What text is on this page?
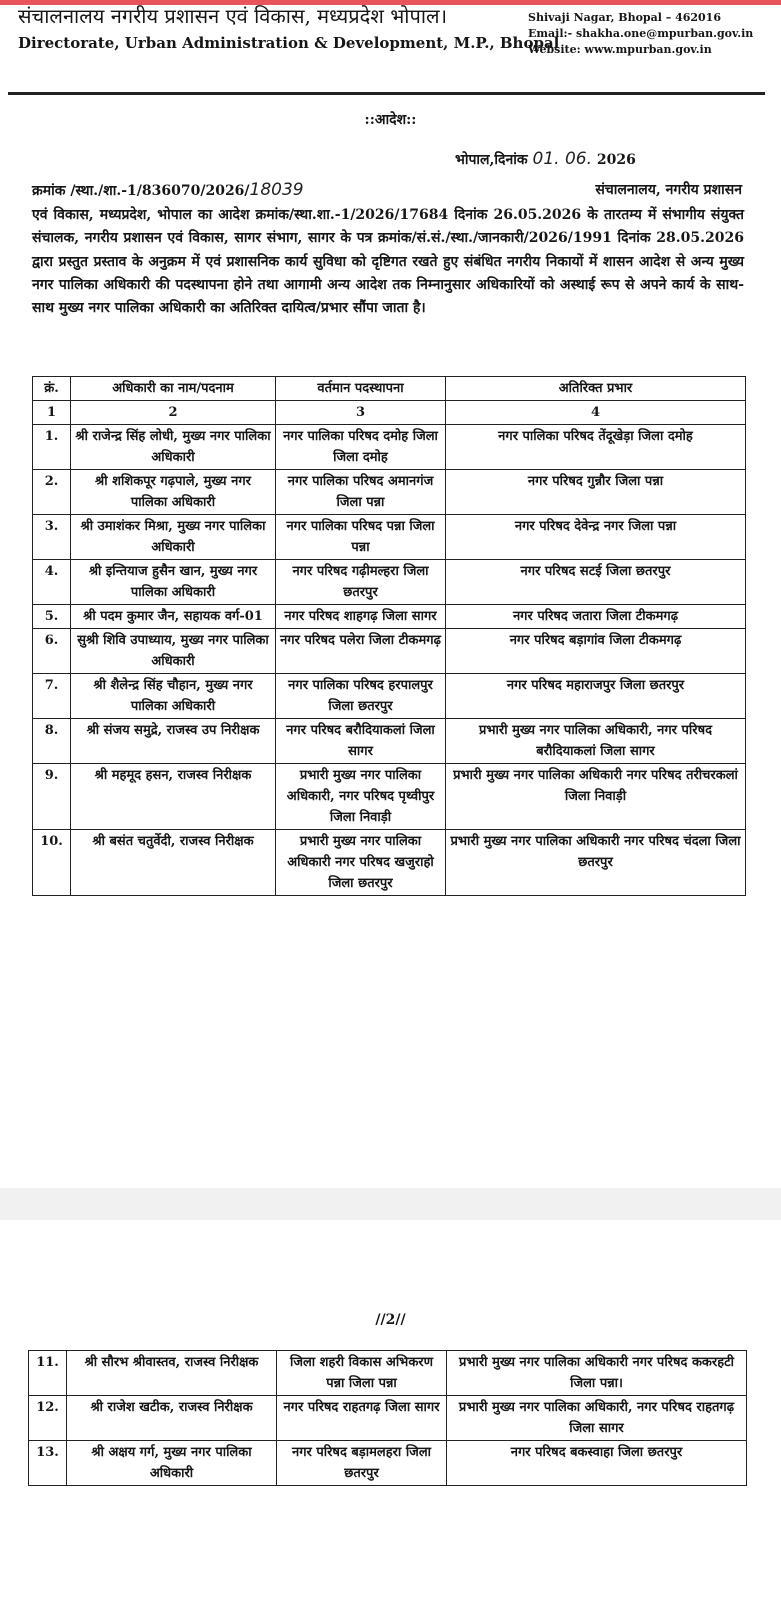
संचालनालय नगरीय प्रशासन एवं विकास, मध्यप्रदेश भोपाल।
Directorate, Urban Administration & Development, M.P., Bhopal
Shivaji Nagar, Bhopal – 462016
Email:- shakha.one@mpurban.gov.in
Website: www.mpurban.gov.in
::आदेश::
भोपाल,दिनांक 01. 06. 2026
क्रमांक /स्था./शा.-1/836070/2026/18039	संचालनालय, नगरीय प्रशासन
एवं विकास, मध्यप्रदेश, भोपाल का आदेश क्रमांक/स्था.शा.-1/2026/17684 दिनांक 26.05.2026 के तारतम्य में संभागीय संयुक्त संचालक, नगरीय प्रशासन एवं विकास, सागर संभाग, सागर के पत्र क्रमांक/सं.सं./स्था./जानकारी/2026/1991 दिनांक 28.05.2026 द्वारा प्रस्तुत प्रस्ताव के अनुक्रम में एवं प्रशासनिक कार्य सुविधा को दृष्टिगत रखते हुए संबंधित नगरीय निकायों में शासन आदेश से अन्य मुख्य नगर पालिका अधिकारी की पदस्थापना होने तथा आगामी अन्य आदेश तक निम्नानुसार अधिकारियों को अस्थाई रूप से अपने कार्य के साथ-साथ मुख्य नगर पालिका अधिकारी का अतिरिक्त दायित्व/प्रभार सौंपा जाता है।
क्रं.	अधिकारी का नाम/पदनाम	वर्तमान पदस्थापना	अतिरिक्त प्रभार
1	2	3	4
1.	श्री राजेन्द्र सिंह लोधी, मुख्य नगर पालिका अधिकारी	नगर पालिका परिषद दमोह जिला जिला दमोह	नगर पालिका परिषद तेंदूखेड़ा जिला दमोह
2.	श्री शशिकपूर गढ़पाले, मुख्य नगर पालिका अधिकारी	नगर पालिका परिषद अमानगंज जिला पन्ना	नगर परिषद गुन्नौर जिला पन्ना
3.	श्री उमाशंकर मिश्रा, मुख्य नगर पालिका अधिकारी	नगर पालिका परिषद पन्ना जिला पन्ना	नगर परिषद देवेन्द्र नगर जिला पन्ना
4.	श्री इन्तियाज हुसैन खान, मुख्य नगर पालिका अधिकारी	नगर परिषद गढ़ीमल्हरा जिला छतरपुर	नगर परिषद सटई जिला छतरपुर
5.	श्री पदम कुमार जैन, सहायक वर्ग-01	नगर परिषद शाहगढ़ जिला सागर	नगर परिषद जतारा जिला टीकमगढ़
6.	सुश्री शिवि उपाध्याय, मुख्य नगर पालिका अधिकारी	नगर परिषद पलेरा जिला टीकमगढ़	नगर परिषद बड़ागांव जिला टीकमगढ़
7.	श्री शैलेन्द्र सिंह चौहान, मुख्य नगर पालिका अधिकारी	नगर पालिका परिषद हरपालपुर जिला छतरपुर	नगर परिषद महाराजपुर जिला छतरपुर
8.	श्री संजय समुद्रे, राजस्व उप निरीक्षक	नगर परिषद बरौदियाकलां जिला सागर	प्रभारी मुख्य नगर पालिका अधिकारी, नगर परिषद बरौदियाकलां जिला सागर
9.	श्री महमूद हसन, राजस्व निरीक्षक	प्रभारी मुख्य नगर पालिका अधिकारी, नगर परिषद पृथ्वीपुर जिला निवाड़ी	प्रभारी मुख्य नगर पालिका अधिकारी नगर परिषद तरीचरकलां जिला निवाड़ी
10.	श्री बसंत चतुर्वेदी, राजस्व निरीक्षक	प्रभारी मुख्य नगर पालिका अधिकारी नगर परिषद खजुराहो जिला छतरपुर	प्रभारी मुख्य नगर पालिका अधिकारी नगर परिषद चंदला जिला छतरपुर
//2//
11.	श्री सौरभ श्रीवास्तव, राजस्व निरीक्षक	जिला शहरी विकास अभिकरण पन्ना जिला पन्ना	प्रभारी मुख्य नगर पालिका अधिकारी नगर परिषद ककरहटी जिला पन्ना।
12.	श्री राजेश खटीक, राजस्व निरीक्षक	नगर परिषद राहतगढ़ जिला सागर	प्रभारी मुख्य नगर पालिका अधिकारी, नगर परिषद राहतगढ़ जिला सागर
13.	श्री अक्षय गर्ग, मुख्य नगर पालिका अधिकारी	नगर परिषद बड़ामलहरा जिला छतरपुर	नगर परिषद बकस्वाहा जिला छतरपुर
